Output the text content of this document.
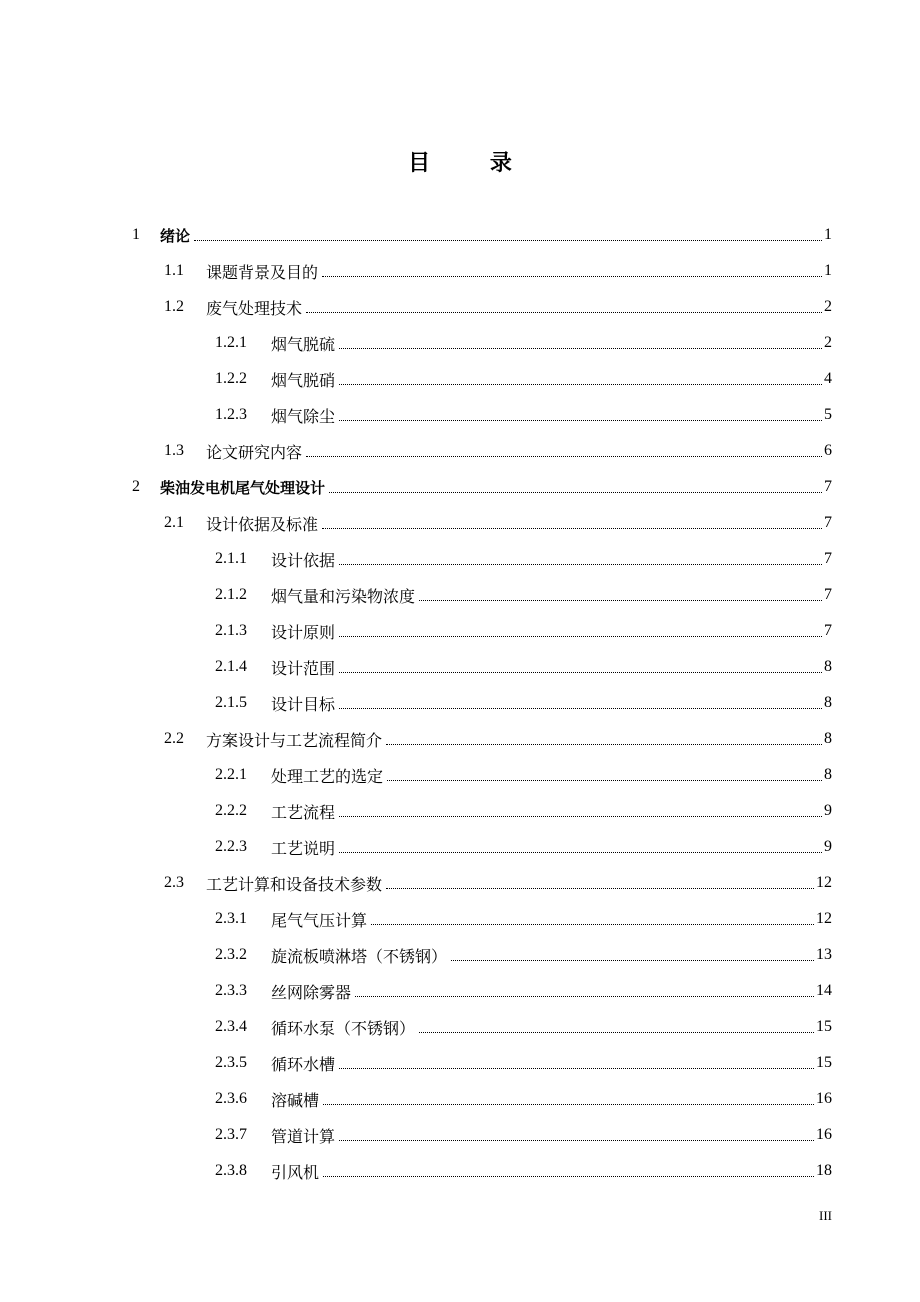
目 录
1	绪论	1
1.1	课题背景及目的	1
1.2	废气处理技术	2
1.2.1	烟气脱硫	2
1.2.2	烟气脱硝	4
1.2.3	烟气除尘	5
1.3	论文研究内容	6
2	柴油发电机尾气处理设计	7
2.1	设计依据及标准	7
2.1.1	设计依据	7
2.1.2	烟气量和污染物浓度	7
2.1.3	设计原则	7
2.1.4	设计范围	8
2.1.5	设计目标	8
2.2	方案设计与工艺流程简介	8
2.2.1	处理工艺的选定	8
2.2.2	工艺流程	9
2.2.3	工艺说明	9
2.3	工艺计算和设备技术参数	12
2.3.1	尾气气压计算	12
2.3.2	旋流板喷淋塔（不锈钢）	13
2.3.3	丝网除雾器	14
2.3.4	循环水泵（不锈钢）	15
2.3.5	循环水槽	15
2.3.6	溶碱槽	16
2.3.7	管道计算	16
2.3.8	引风机	18
III
